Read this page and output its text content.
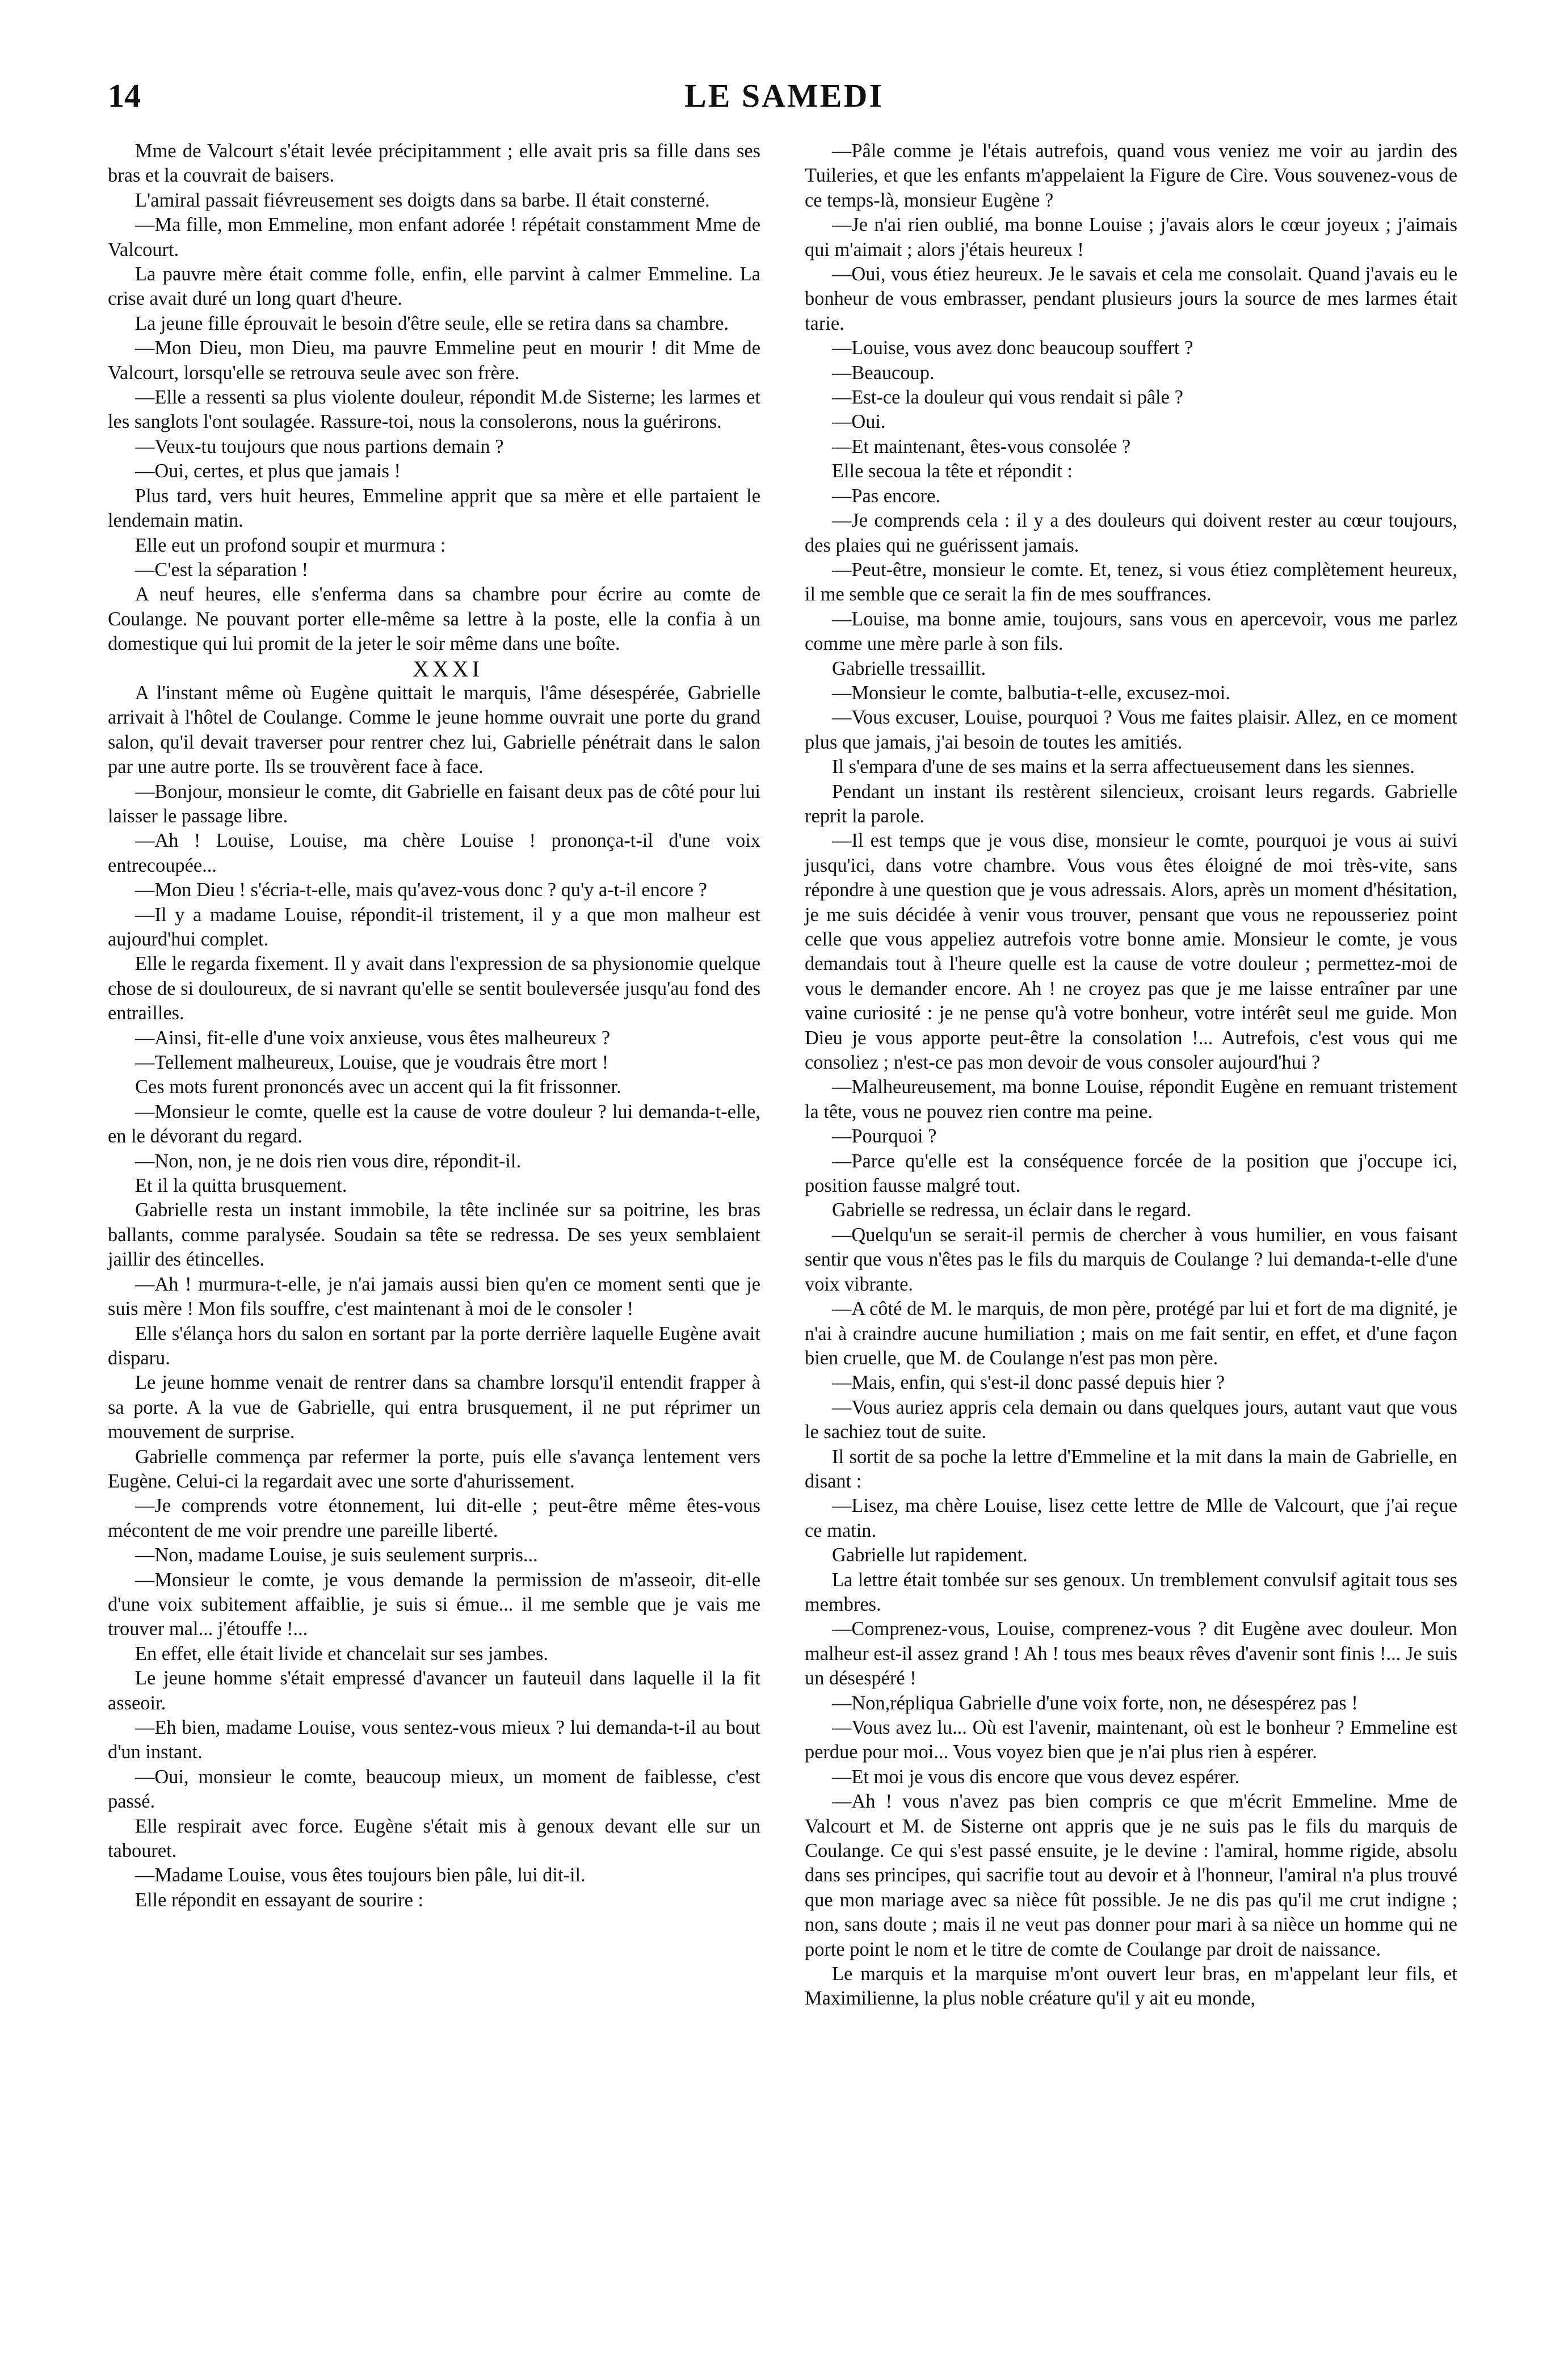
14	LE SAMEDI

Mme de Valcourt s'était levée précipitamment ; elle avait pris sa fille dans ses bras et la couvrait de baisers.

L'amiral passait fiévreusement ses doigts dans sa barbe. Il était consterné.

—Ma fille, mon Emmeline, mon enfant adorée ! répétait constamment Mme de Valcourt.

La pauvre mère était comme folle, enfin, elle parvint à calmer Emmeline. La crise avait duré un long quart d'heure.

La jeune fille éprouvait le besoin d'être seule, elle se retira dans sa chambre.

—Mon Dieu, mon Dieu, ma pauvre Emmeline peut en mourir ! dit Mme de Valcourt, lorsqu'elle se retrouva seule avec son frère.

—Elle a ressenti sa plus violente douleur, répondit M.de Sisterne; les larmes et les sanglots l'ont soulagée. Rassure-toi, nous la consolerons, nous la guérirons.

—Veux-tu toujours que nous partions demain ?

—Oui, certes, et plus que jamais !

Plus tard, vers huit heures, Emmeline apprit que sa mère et elle partaient le lendemain matin.

Elle eut un profond soupir et murmura :

—C'est la séparation !

A neuf heures, elle s'enferma dans sa chambre pour écrire au comte de Coulange. Ne pouvant porter elle-même sa lettre à la poste, elle la confia à un domestique qui lui promit de la jeter le soir même dans une boîte.

XXXI

A l'instant même où Eugène quittait le marquis, l'âme désespérée, Gabrielle arrivait à l'hôtel de Coulange. Comme le jeune homme ouvrait une porte du grand salon, qu'il devait traverser pour rentrer chez lui, Gabrielle pénétrait dans le salon par une autre porte. Ils se trouvèrent face à face.

—Bonjour, monsieur le comte, dit Gabrielle en faisant deux pas de côté pour lui laisser le passage libre.

—Ah ! Louise, Louise, ma chère Louise ! prononça-t-il d'une voix entrecoupée...

—Mon Dieu ! s'écria-t-elle, mais qu'avez-vous donc ? qu'y a-t-il encore ?

—Il y a madame Louise, répondit-il tristement, il y a que mon malheur est aujourd'hui complet.

Elle le regarda fixement. Il y avait dans l'expression de sa physionomie quelque chose de si douloureux, de si navrant qu'elle se sentit bouleversée jusqu'au fond des entrailles.

—Ainsi, fit-elle d'une voix anxieuse, vous êtes malheureux ?

—Tellement malheureux, Louise, que je voudrais être mort !

Ces mots furent prononcés avec un accent qui la fit frissonner.

—Monsieur le comte, quelle est la cause de votre douleur ? lui demanda-t-elle, en le dévorant du regard.

—Non, non, je ne dois rien vous dire, répondit-il.

Et il la quitta brusquement.

Gabrielle resta un instant immobile, la tête inclinée sur sa poitrine, les bras ballants, comme paralysée. Soudain sa tête se redressa. De ses yeux semblaient jaillir des étincelles.

—Ah ! murmura-t-elle, je n'ai jamais aussi bien qu'en ce moment senti que je suis mère ! Mon fils souffre, c'est maintenant à moi de le consoler !

Elle s'élança hors du salon en sortant par la porte derrière laquelle Eugène avait disparu.

Le jeune homme venait de rentrer dans sa chambre lorsqu'il entendit frapper à sa porte. A la vue de Gabrielle, qui entra brusquement, il ne put réprimer un mouvement de surprise.

Gabrielle commença par refermer la porte, puis elle s'avança lentement vers Eugène. Celui-ci la regardait avec une sorte d'ahurissement.

—Je comprends votre étonnement, lui dit-elle ; peut-être même êtes-vous mécontent de me voir prendre une pareille liberté.

—Non, madame Louise, je suis seulement surpris...

—Monsieur le comte, je vous demande la permission de m'asseoir, dit-elle d'une voix subitement affaiblie, je suis si émue... il me semble que je vais me trouver mal... j'étouffe !...

En effet, elle était livide et chancelait sur ses jambes.

Le jeune homme s'était empressé d'avancer un fauteuil dans laquelle il la fit asseoir.

—Eh bien, madame Louise, vous sentez-vous mieux ? lui demanda-t-il au bout d'un instant.

—Oui, monsieur le comte, beaucoup mieux, un moment de faiblesse, c'est passé.

Elle respirait avec force. Eugène s'était mis à genoux devant elle sur un tabouret.

—Madame Louise, vous êtes toujours bien pâle, lui dit-il.

Elle répondit en essayant de sourire :

—Pâle comme je l'étais autrefois, quand vous veniez me voir au jardin des Tuileries, et que les enfants m'appelaient la Figure de Cire. Vous souvenez-vous de ce temps-là, monsieur Eugène ?

—Je n'ai rien oublié, ma bonne Louise ; j'avais alors le cœur joyeux ; j'aimais qui m'aimait ; alors j'étais heureux !

—Oui, vous étiez heureux. Je le savais et cela me consolait. Quand j'avais eu le bonheur de vous embrasser, pendant plusieurs jours la source de mes larmes était tarie.

—Louise, vous avez donc beaucoup souffert ?

—Beaucoup.

—Est-ce la douleur qui vous rendait si pâle ?

—Oui.

—Et maintenant, êtes-vous consolée ?

Elle secoua la tête et répondit :

—Pas encore.

—Je comprends cela : il y a des douleurs qui doivent rester au cœur toujours, des plaies qui ne guérissent jamais.

—Peut-être, monsieur le comte. Et, tenez, si vous étiez complètement heureux, il me semble que ce serait la fin de mes souffrances.

—Louise, ma bonne amie, toujours, sans vous en apercevoir, vous me parlez comme une mère parle à son fils.

Gabrielle tressaillit.

—Monsieur le comte, balbutia-t-elle, excusez-moi.

—Vous excuser, Louise, pourquoi ? Vous me faites plaisir. Allez, en ce moment plus que jamais, j'ai besoin de toutes les amitiés.

Il s'empara d'une de ses mains et la serra affectueusement dans les siennes.

Pendant un instant ils restèrent silencieux, croisant leurs regards. Gabrielle reprit la parole.

—Il est temps que je vous dise, monsieur le comte, pourquoi je vous ai suivi jusqu'ici, dans votre chambre. Vous vous êtes éloigné de moi très-vite, sans répondre à une question que je vous adressais. Alors, après un moment d'hésitation, je me suis décidée à venir vous trouver, pensant que vous ne repousseriez point celle que vous appeliez autrefois votre bonne amie. Monsieur le comte, je vous demandais tout à l'heure quelle est la cause de votre douleur ; permettez-moi de vous le demander encore. Ah ! ne croyez pas que je me laisse entraîner par une vaine curiosité : je ne pense qu'à votre bonheur, votre intérêt seul me guide. Mon Dieu je vous apporte peut-être la consolation !... Autrefois, c'est vous qui me consoliez ; n'est-ce pas mon devoir de vous consoler aujourd'hui ?

—Malheureusement, ma bonne Louise, répondit Eugène en remuant tristement la tête, vous ne pouvez rien contre ma peine.

—Pourquoi ?

—Parce qu'elle est la conséquence forcée de la position que j'occupe ici, position fausse malgré tout.

Gabrielle se redressa, un éclair dans le regard.

—Quelqu'un se serait-il permis de chercher à vous humilier, en vous faisant sentir que vous n'êtes pas le fils du marquis de Coulange ? lui demanda-t-elle d'une voix vibrante.

—A côté de M. le marquis, de mon père, protégé par lui et fort de ma dignité, je n'ai à craindre aucune humiliation ; mais on me fait sentir, en effet, et d'une façon bien cruelle, que M. de Coulange n'est pas mon père.

—Mais, enfin, qui s'est-il donc passé depuis hier ?

—Vous auriez appris cela demain ou dans quelques jours, autant vaut que vous le sachiez tout de suite.

Il sortit de sa poche la lettre d'Emmeline et la mit dans la main de Gabrielle, en disant :

—Lisez, ma chère Louise, lisez cette lettre de Mlle de Valcourt, que j'ai reçue ce matin.

Gabrielle lut rapidement.

La lettre était tombée sur ses genoux. Un tremblement convulsif agitait tous ses membres.

—Comprenez-vous, Louise, comprenez-vous ? dit Eugène avec douleur. Mon malheur est-il assez grand ! Ah ! tous mes beaux rêves d'avenir sont finis !... Je suis un désespéré !

—Non,répliqua Gabrielle d'une voix forte, non, ne désespérez pas !

—Vous avez lu... Où est l'avenir, maintenant, où est le bonheur ? Emmeline est perdue pour moi... Vous voyez bien que je n'ai plus rien à espérer.

—Et moi je vous dis encore que vous devez espérer.

—Ah ! vous n'avez pas bien compris ce que m'écrit Emmeline. Mme de Valcourt et M. de Sisterne ont appris que je ne suis pas le fils du marquis de Coulange. Ce qui s'est passé ensuite, je le devine : l'amiral, homme rigide, absolu dans ses principes, qui sacrifie tout au devoir et à l'honneur, l'amiral n'a plus trouvé que mon mariage avec sa nièce fût possible. Je ne dis pas qu'il me crut indigne ; non, sans doute ; mais il ne veut pas donner pour mari à sa nièce un homme qui ne porte point le nom et le titre de comte de Coulange par droit de naissance.

Le marquis et la marquise m'ont ouvert leur bras, en m'appelant leur fils, et Maximilienne, la plus noble créature qu'il y ait eu monde,
